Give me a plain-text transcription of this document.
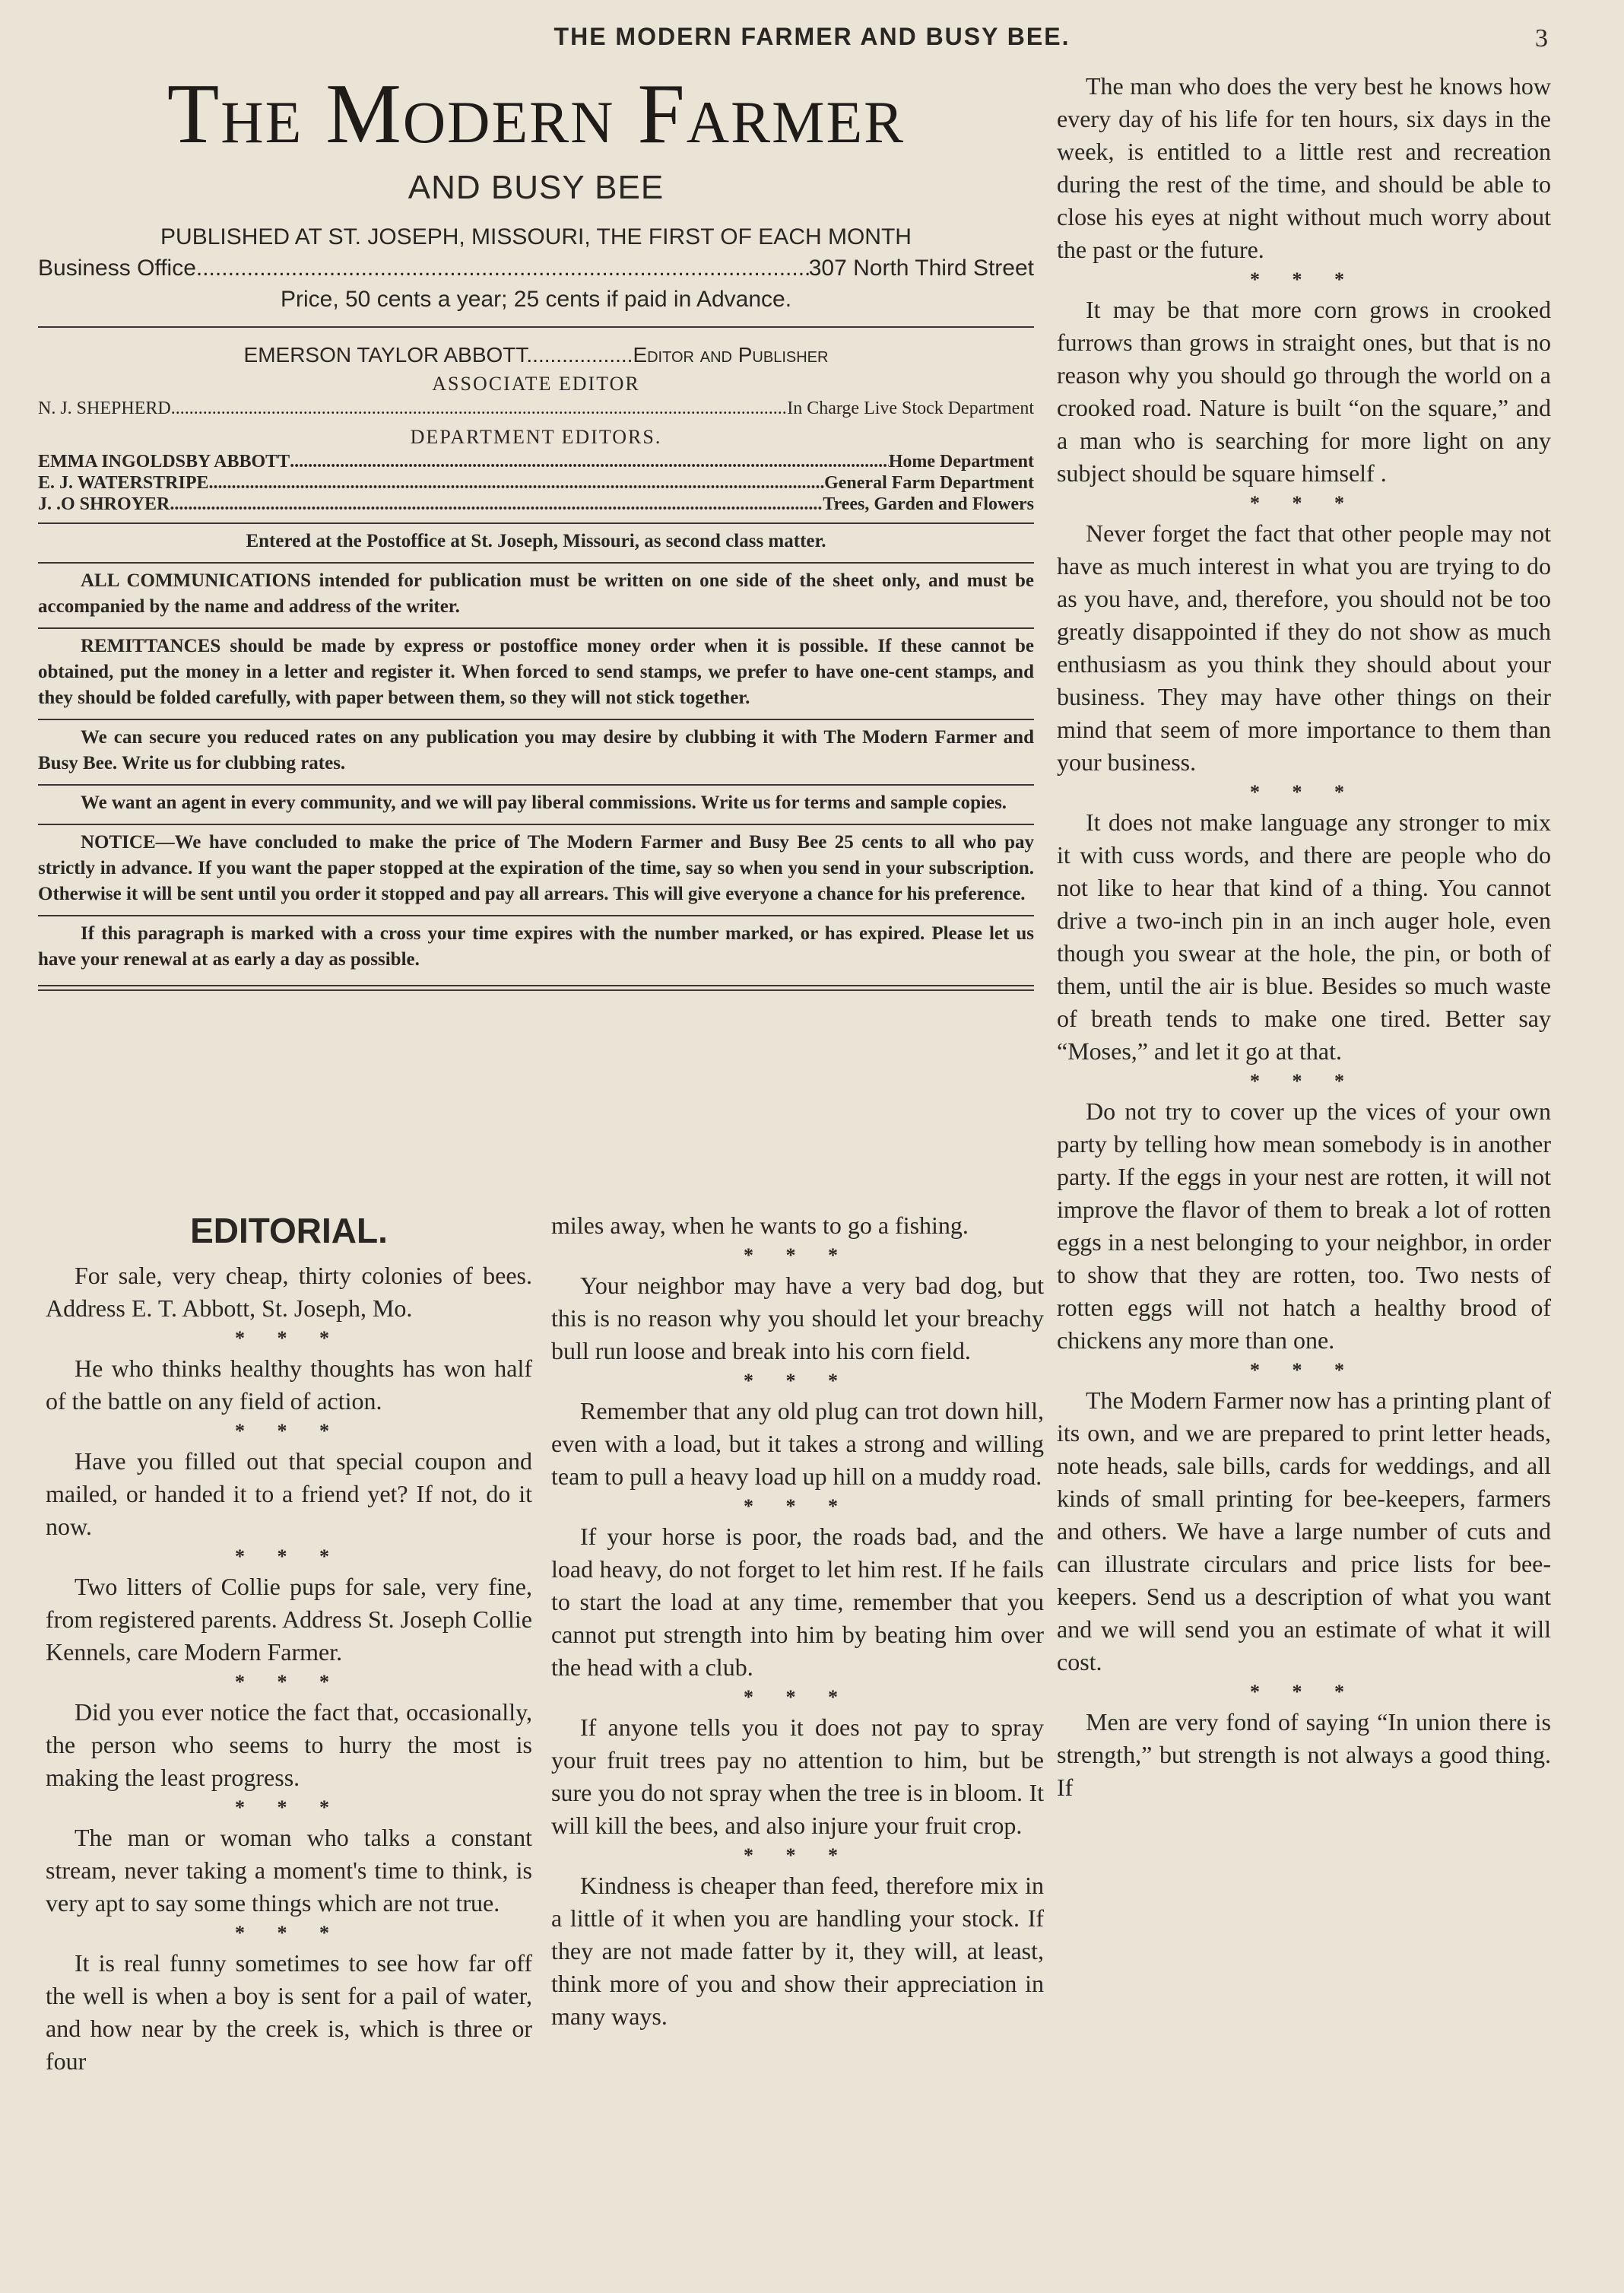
THE MODERN FARMER AND BUSY BEE.	3
The Modern Farmer
AND BUSY BEE
PUBLISHED AT ST. JOSEPH, MISSOURI, THE FIRST OF EACH MONTH
Business Office .....	307 North Third Street
Price, 50 cents a year; 25 cents if paid in Advance.
EMERSON TAYLOR ABBOTT..................Editor and Publisher
ASSOCIATE EDITOR
N. J. SHEPHERD .....	In Charge Live Stock Department
DEPARTMENT EDITORS.
EMMA INGOLDSBY ABBOTT .....	Home Department
E. J. WATERSTRIPE .....	General Farm Department
J. .O SHROYER .....	Trees, Garden and Flowers
Entered at the Postoffice at St. Joseph, Missouri, as second class matter.

ALL COMMUNICATIONS intended for publication must be written on one side of the sheet only, and must be accompanied by the name and address of the writer.

REMITTANCES should be made by express or postoffice money order when it is possible. If these cannot be obtained, put the money in a letter and register it. When forced to send stamps, we prefer to have one-cent stamps, and they should be folded carefully, with paper between them, so they will not stick together.

We can secure you reduced rates on any publication you may desire by clubbing it with The Modern Farmer and Busy Bee. Write us for clubbing rates.

We want an agent in every community, and we will pay liberal commissions. Write us for terms and sample copies.

NOTICE—We have concluded to make the price of The Modern Farmer and Busy Bee 25 cents to all who pay strictly in advance. If you want the paper stopped at the expiration of the time, say so when you send in your subscription. Otherwise it will be sent until you order it stopped and pay all arrears. This will give everyone a chance for his preference.

If this paragraph is marked with a cross your time expires with the number marked, or has expired. Please let us have your renewal at as early a day as possible.

EDITORIAL.

For sale, very cheap, thirty colonies of bees. Address E. T. Abbott, St. Joseph, Mo.

* * *

He who thinks healthy thoughts has won half of the battle on any field of action.

* * *

Have you filled out that special coupon and mailed, or handed it to a friend yet? If not, do it now.

* * *

Two litters of Collie pups for sale, very fine, from registered parents. Address St. Joseph Collie Kennels, care Modern Farmer.

* * *

Did you ever notice the fact that, occasionally, the person who seems to hurry the most is making the least progress.

* * *

The man or woman who talks a constant stream, never taking a moment's time to think, is very apt to say some things which are not true.

* * *

It is real funny sometimes to see how far off the well is when a boy is sent for a pail of water, and how near by the creek is, which is three or four

miles away, when he wants to go a fishing.
* * *

Your neighbor may have a very bad dog, but this is no reason why you should let your breachy bull run loose and break into his corn field.

* * *

Remember that any old plug can trot down hill, even with a load, but it takes a strong and willing team to pull a heavy load up hill on a muddy road.

* * *

If your horse is poor, the roads bad, and the load heavy, do not forget to let him rest. If he fails to start the load at any time, remember that you cannot put strength into him by beating him over the head with a club.

* * *

If anyone tells you it does not pay to spray your fruit trees pay no attention to him, but be sure you do not spray when the tree is in bloom. It will kill the bees, and also injure your fruit crop.

* * *

Kindness is cheaper than feed, therefore mix in a little of it when you are handling your stock. If they are not made fatter by it, they will, at least, think more of you and show their appreciation in many ways.

The man who does the very best he knows how every day of his life for ten hours, six days in the week, is entitled to a little rest and recreation during the rest of the time, and should be able to close his eyes at night without much worry about the past or the future.

* * *

It may be that more corn grows in crooked furrows than grows in straight ones, but that is no reason why you should go through the world on a crooked road. Nature is built “on the square,” and a man who is searching for more light on any subject should be square himself .

* * *

Never forget the fact that other people may not have as much interest in what you are trying to do as you have, and, therefore, you should not be too greatly disappointed if they do not show as much enthusiasm as you think they should about your business. They may have other things on their mind that seem of more importance to them than your business.

* * *

It does not make language any stronger to mix it with cuss words, and there are people who do not like to hear that kind of a thing. You cannot drive a two-inch pin in an inch auger hole, even though you swear at the hole, the pin, or both of them, until the air is blue. Besides so much waste of breath tends to make one tired. Better say “Moses,” and let it go at that.

* * *

Do not try to cover up the vices of your own party by telling how mean somebody is in another party. If the eggs in your nest are rotten, it will not improve the flavor of them to break a lot of rotten eggs in a nest belonging to your neighbor, in order to show that they are rotten, too. Two nests of rotten eggs will not hatch a healthy brood of chickens any more than one.

* * *

The Modern Farmer now has a printing plant of its own, and we are prepared to print letter heads, note heads, sale bills, cards for weddings, and all kinds of small printing for bee-keepers, farmers and others. We have a large number of cuts and can illustrate circulars and price lists for bee-keepers. Send us a description of what you want and we will send you an estimate of what it will cost.

* * *

Men are very fond of saying “In union there is strength,” but strength is not always a good thing. If
